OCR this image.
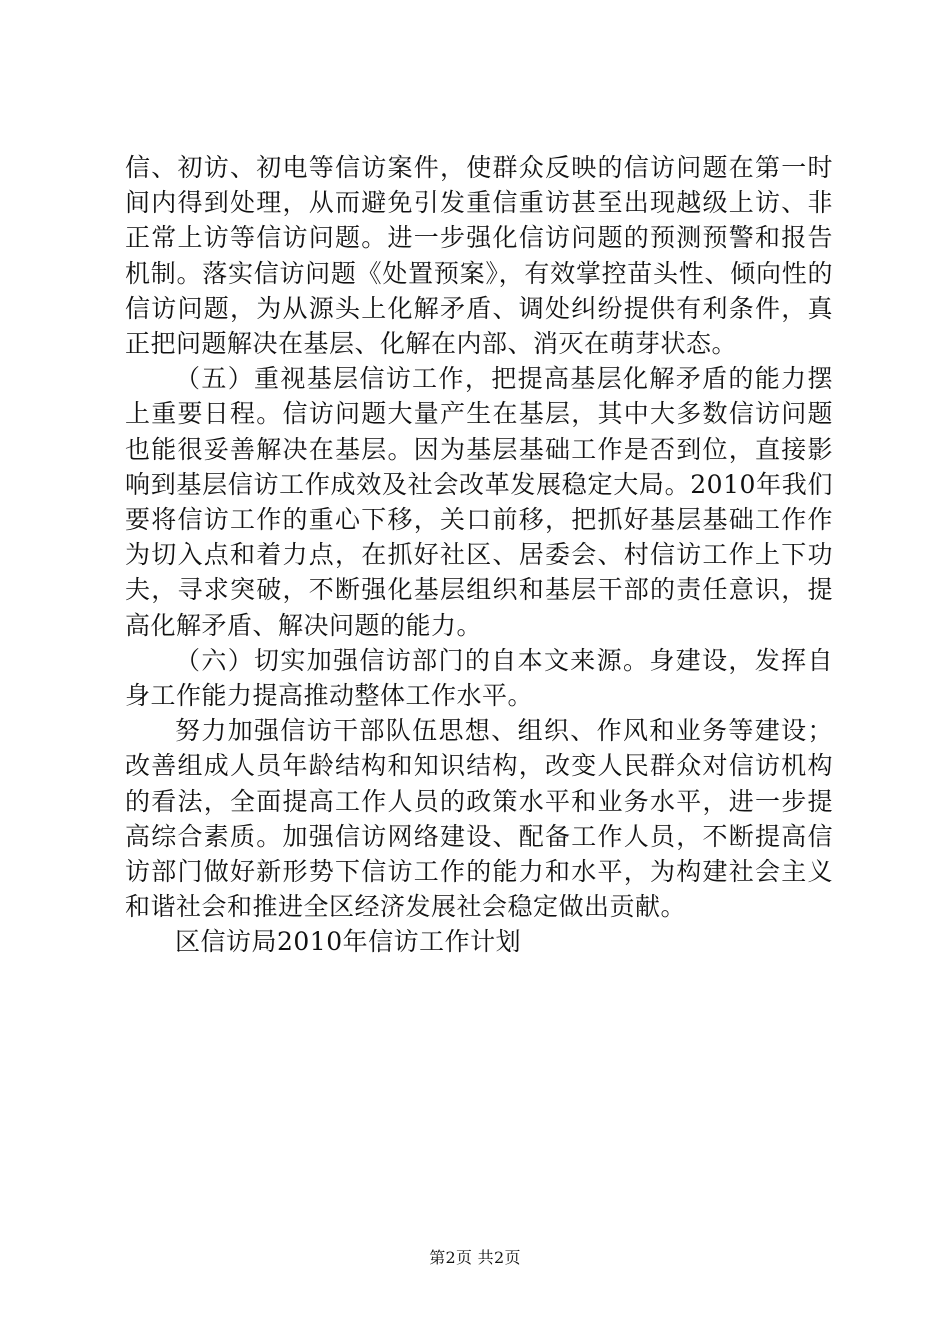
信、初访、初电等信访案件，使群众反映的信访问题在第一时间内得到处理，从而避免引发重信重访甚至出现越级上访、非正常上访等信访问题。进一步强化信访问题的预测预警和报告机制。落实信访问题《处置预案》，有效掌控苗头性、倾向性的信访问题，为从源头上化解矛盾、调处纠纷提供有利条件，真正把问题解决在基层、化解在内部、消灭在萌芽状态。

（五）重视基层信访工作，把提高基层化解矛盾的能力摆上重要日程。信访问题大量产生在基层，其中大多数信访问题也能很妥善解决在基层。因为基层基础工作是否到位，直接影响到基层信访工作成效及社会改革发展稳定大局。2010年我们要将信访工作的重心下移，关口前移，把抓好基层基础工作作为切入点和着力点，在抓好社区、居委会、村信访工作上下功夫，寻求突破，不断强化基层组织和基层干部的责任意识，提高化解矛盾、解决问题的能力。

（六）切实加强信访部门的自本文来源。身建设，发挥自身工作能力提高推动整体工作水平。

努力加强信访干部队伍思想、组织、作风和业务等建设；改善组成人员年龄结构和知识结构，改变人民群众对信访机构的看法，全面提高工作人员的政策水平和业务水平，进一步提高综合素质。加强信访网络建设、配备工作人员，不断提高信访部门做好新形势下信访工作的能力和水平，为构建社会主义和谐社会和推进全区经济发展社会稳定做出贡献。

区信访局2010年信访工作计划

第2页 共2页
